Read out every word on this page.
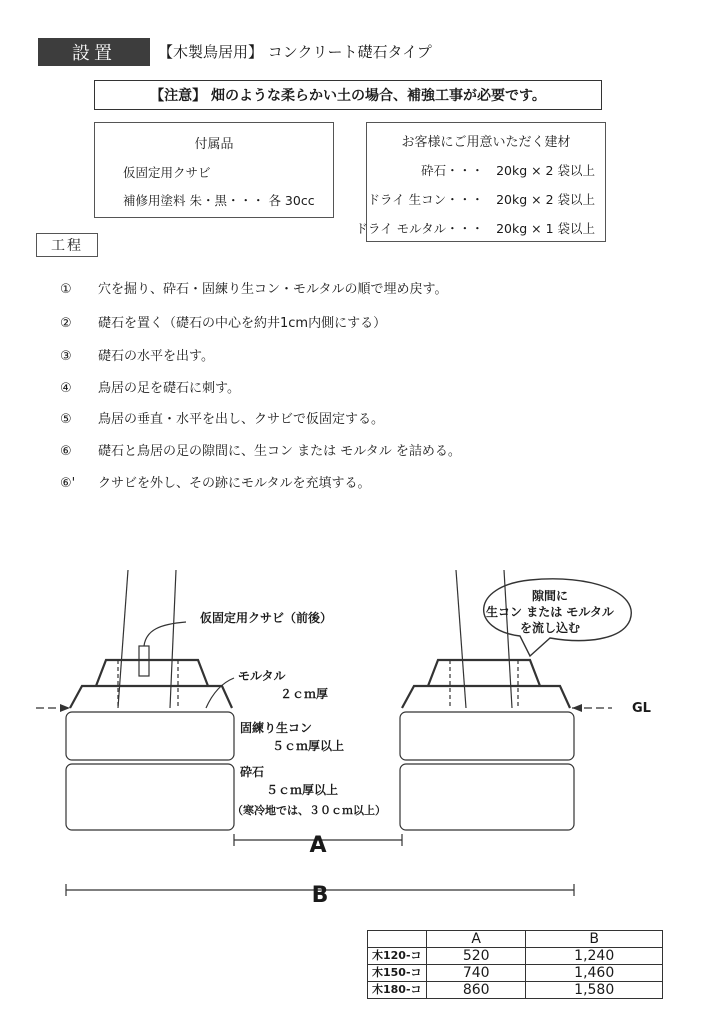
設置	【木製鳥居用】 コンクリート礎石タイプ
【注意】 畑のような柔らかい土の場合、補強工事が必要です。
付属品
仮固定用クサビ
補修用塗料 朱・黒・・・ 各 30cc
お客様にご用意いただく建材
砕石・・・　20kg × 2 袋以上
ドライ 生コン・・・　20kg × 2 袋以上
ドライ モルタル・・・　20kg × 1 袋以上
工程
① 穴を掘り、砕石・固練り生コン・モルタルの順で埋め戻す。
② 礎石を置く（礎石の中心を約井1cm内側にする）
③ 礎石の水平を出す。
④ 鳥居の足を礎石に刺す。
⑤ 鳥居の垂直・水平を出し、クサビで仮固定する。
⑥ 礎石と鳥居の足の隙間に、生コン または モルタル を詰める。
⑥' クサビを外し、その跡にモルタルを充填する。
仮固定用クサビ（前後）
隙間に
生コン または モルタル
を流し込む
モルタル
２ｃｍ厚
固練り生コン
５ｃｍ厚以上
砕石
５ｃｍ厚以上
（寒冷地では、３０ｃｍ以上）
GL
A
B
	A	B
木120-コ	520	1,240
木150-コ	740	1,460
木180-コ	860	1,580
